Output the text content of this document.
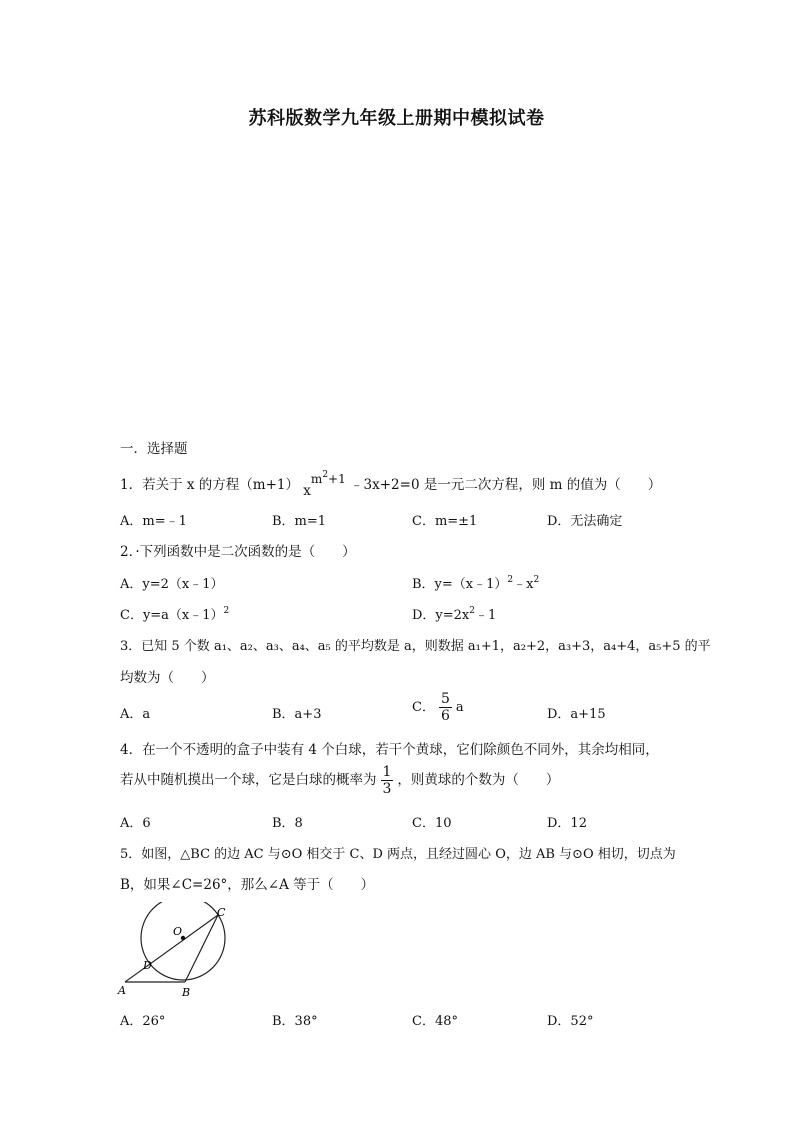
苏科版数学九年级上册期中模拟试卷
一．选择题
1．若关于 x 的方程（m+1） $xm^2+1$ ﹣3x+2=0 是一元二次方程，则 m 的值为（　　）
A．m=﹣1	B．m=1	C．m=±1	D．无法确定
2．·下列函数中是二次函数的是（　　）
A．y=2（x﹣1）	B．$y=(x﹣1)^2﹣x^2$
C．y=a（x﹣1）$^2$	D．$y=2x^2﹣1$
3．已知 5 个数 a₁、a₂、a₃、a₄、a₅ 的平均数是 a，则数据 a₁+1，a₂+2，a₃+3，a₄+4，a₅+5 的平
均数为（　　）
A．a	B．a+3	C． $\frac{5}{6}$ a	D．a+15
4．在一个不透明的盒子中装有 4 个白球，若干个黄球，它们除颜色不同外，其余均相同，
若从中随机摸出一个球，它是白球的概率为 $\frac{1}{3}$ ，则黄球的个数为（　　）
A．6	B．8	C．10	D．12
5．如图，△BC 的边 AC 与⊙O 相交于 C、D 两点，且经过圆心 O，边 AB 与⊙O 相切，切点为
B，如果∠C=26°，那么∠A 等于（　　）
O
C
D
A	B
A．26°	B．38°	C．48°	D．52°
